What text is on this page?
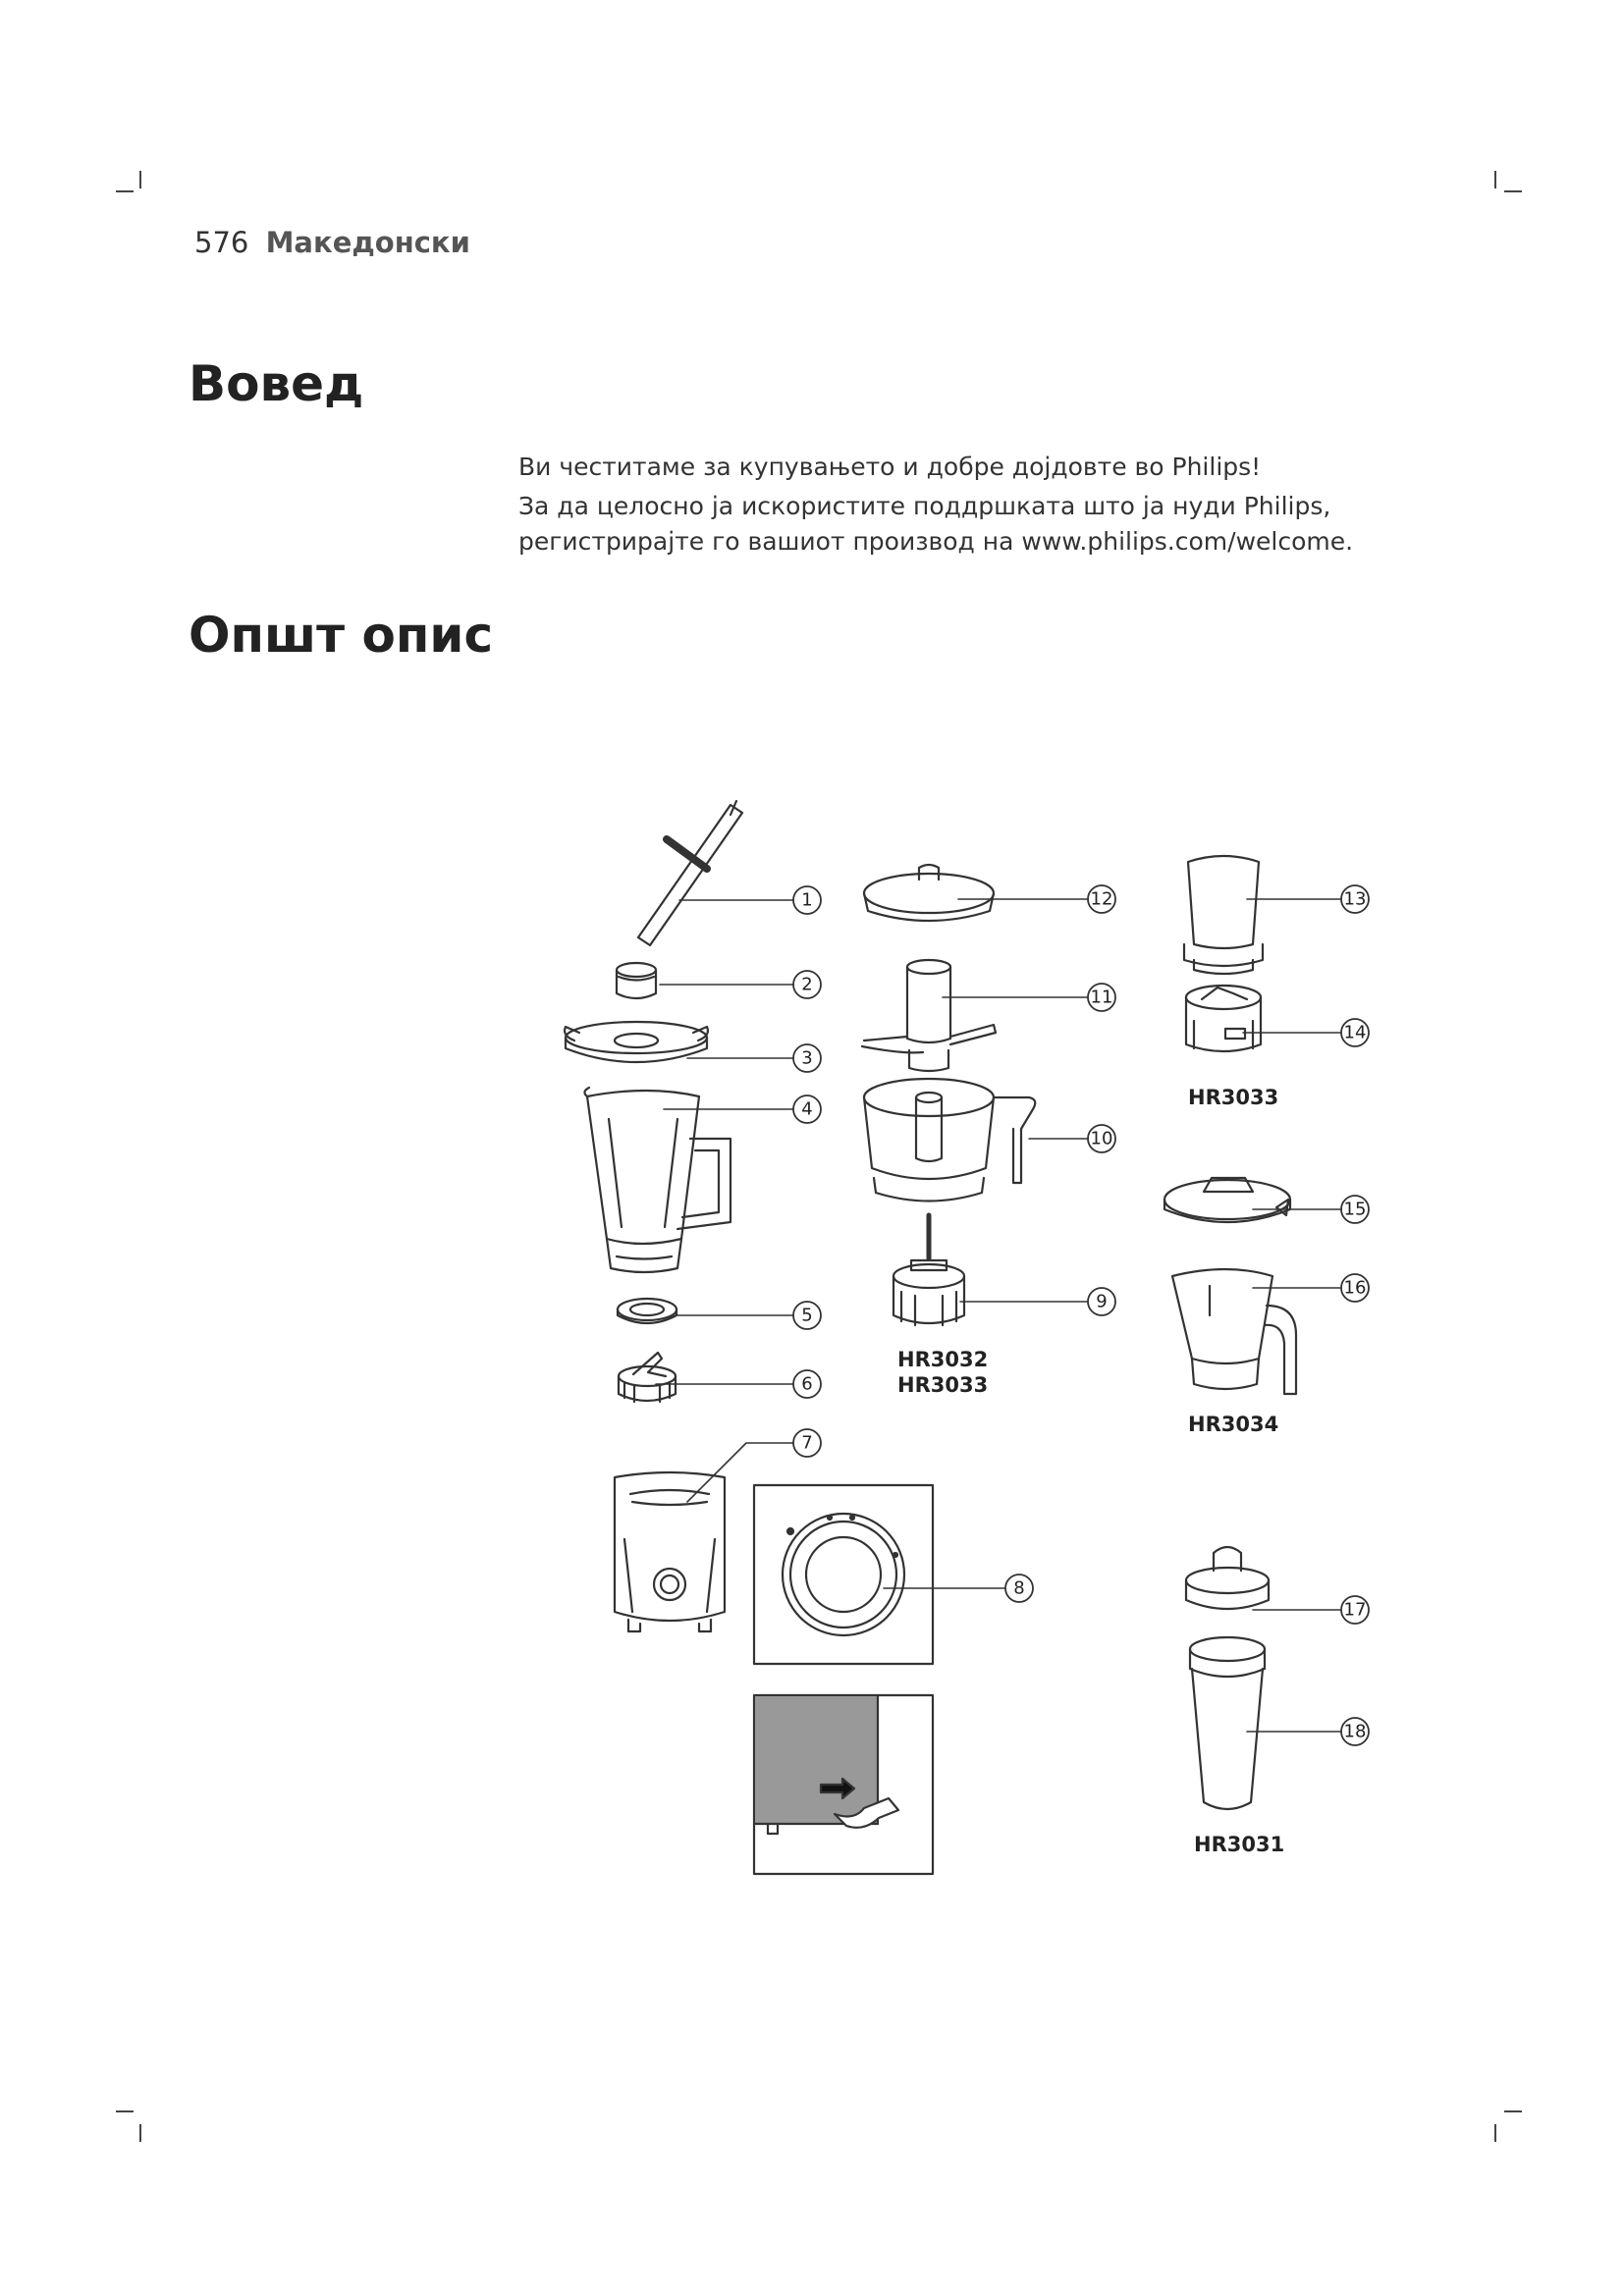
576 Македонски
Вовед

Ви честитаме за купувањето и добре дојдовте во Philips!

За да целосно ја искористите поддршката што ја нуди Philips, регистрирајте го вашиот производ на www.philips.com/welcome.

Општ опис
1
2
3
4
5
6
7
8
9
10
11
12	13
14
15
16
17
18
HR3033
HR3032
HR3033
HR3034
HR3031
